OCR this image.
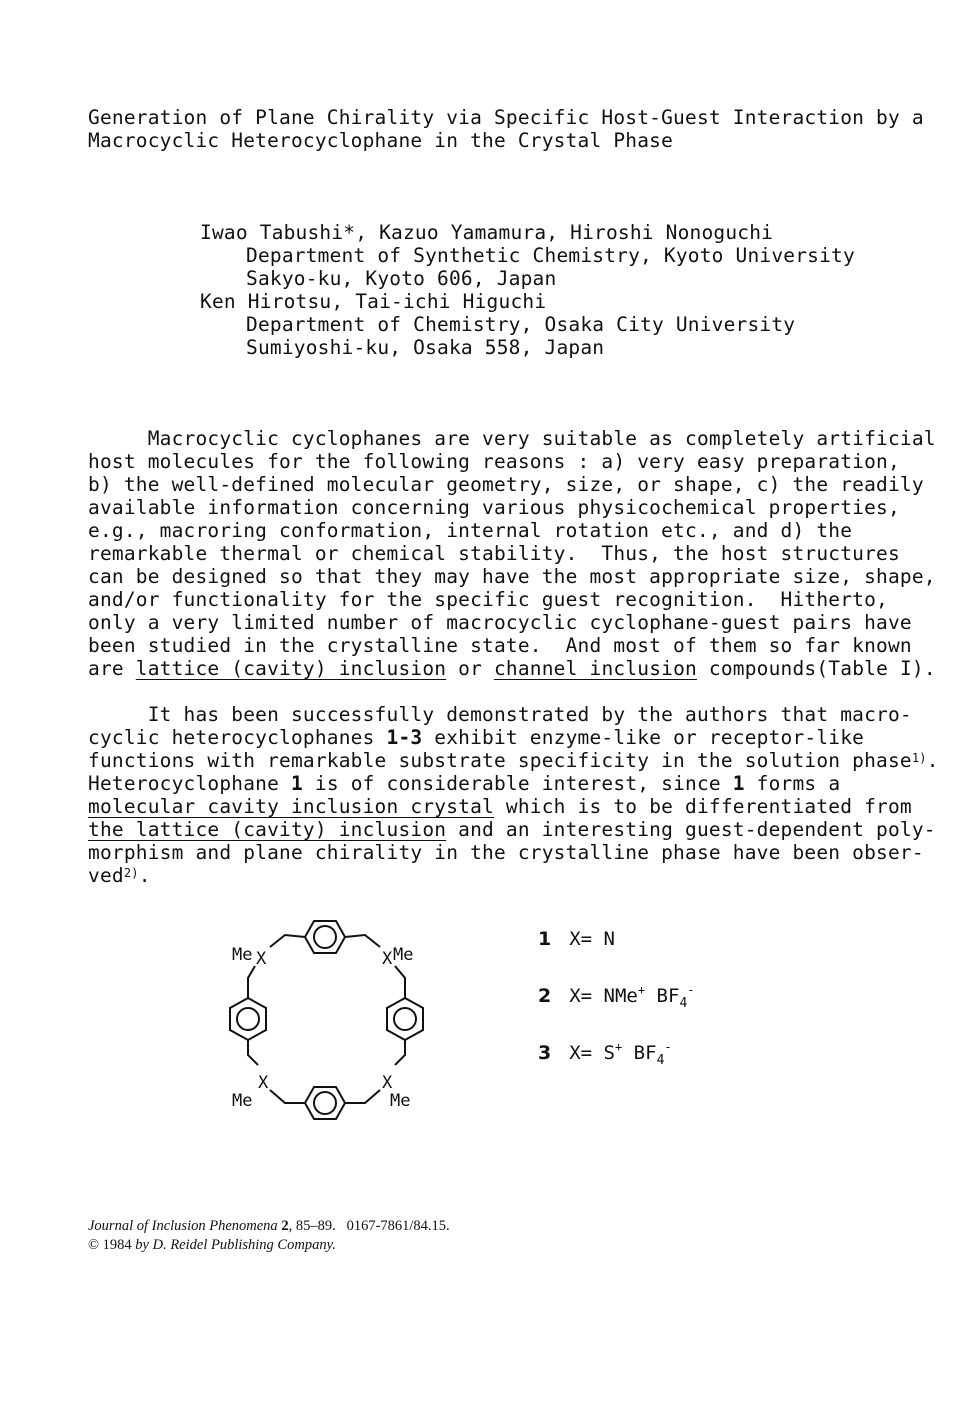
Generation of Plane Chirality via Specific Host-Guest Interaction by a
Macrocyclic Heterocyclophane in the Crystal Phase
Iwao Tabushi*, Kazuo Yamamura, Hiroshi Nonoguchi
Department of Synthetic Chemistry, Kyoto University
Sakyo-ku, Kyoto 606, Japan
Ken Hirotsu, Tai-ichi Higuchi
Department of Chemistry, Osaka City University
Sumiyoshi-ku, Osaka 558, Japan
Macrocyclic cyclophanes are very suitable as completely artificial
host molecules for the following reasons : a) very easy preparation,
b) the well-defined molecular geometry, size, or shape, c) the readily
available information concerning various physicochemical properties,
e.g., macroring conformation, internal rotation etc., and d) the
remarkable thermal or chemical stability.  Thus, the host structures
can be designed so that they may have the most appropriate size, shape,
and/or functionality for the specific guest recognition.  Hitherto,
only a very limited number of macrocyclic cyclophane-guest pairs have
been studied in the crystalline state.  And most of them so far known
are lattice (cavity) inclusion or channel inclusion compounds(Table I).
It has been successfully demonstrated by the authors that macro-
cyclic heterocyclophanes 1-3 exhibit enzyme-like or receptor-like
functions with remarkable substrate specificity in the solution phase$^{1)}$.
Heterocyclophane 1 is of considerable interest, since 1 forms a
molecular cavity inclusion crystal which is to be differentiated from
the lattice (cavity) inclusion and an interesting guest-dependent poly-
morphism and plane chirality in the crystalline phase have been obser-
ved$^{2)}$.
Me X	X Me
X
Me
X
Me
1 X= N
2 X= NMe+ $BF_4^-$
3 X= S+ $BF_4^-$
Journal of Inclusion Phenomena 2, 85–89.   0167-7861/84.15.
© 1984 by D. Reidel Publishing Company.
